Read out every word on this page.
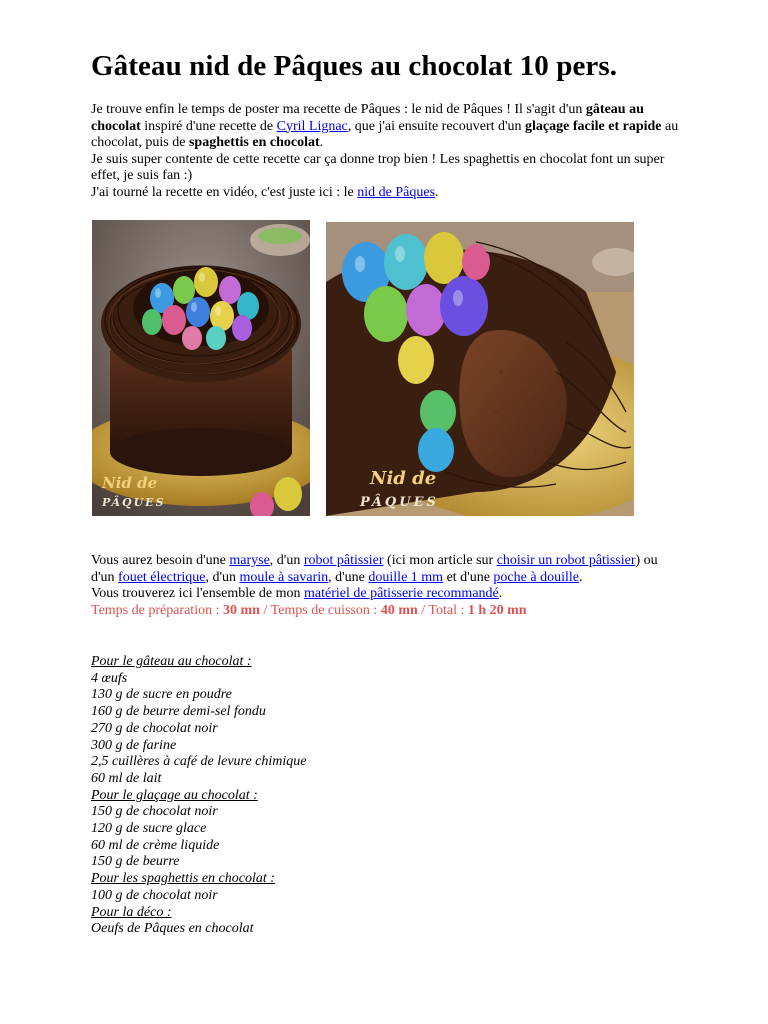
Gâteau nid de Pâques au chocolat 10 pers.

Je trouve enfin le temps de poster ma recette de Pâques : le nid de Pâques ! Il s'agit d'un gâteau au chocolat inspiré d'une recette de Cyril Lignac, que j'ai ensuite recouvert d'un glaçage facile et rapide au chocolat, puis de spaghettis en chocolat.

Je suis super contente de cette recette car ça donne trop bien ! Les spaghettis en chocolat font un super effet, je suis fan :)

J'ai tourné la recette en vidéo, c'est juste ici : le nid de Pâques.

Nid de
PÂQUES
Nid de
PÂQUES

Vous aurez besoin d'une maryse, d'un robot pâtissier (ici mon article sur choisir un robot pâtissier) ou d'un fouet électrique, d'un moule à savarin, d'une douille 1 mm et d'une poche à douille.

Vous trouverez ici l'ensemble de mon matériel de pâtisserie recommandé.

Temps de préparation : 30 mn / Temps de cuisson : 40 mn / Total : 1 h 20 mn

Pour le gâteau au chocolat :
4 œufs
130 g de sucre en poudre
160 g de beurre demi-sel fondu
270 g de chocolat noir
300 g de farine
2,5 cuillères à café de levure chimique
60 ml de lait
Pour le glaçage au chocolat :
150 g de chocolat noir
120 g de sucre glace
60 ml de crème liquide
150 g de beurre
Pour les spaghettis en chocolat :
100 g de chocolat noir
Pour la déco :
Oeufs de Pâques en chocolat
